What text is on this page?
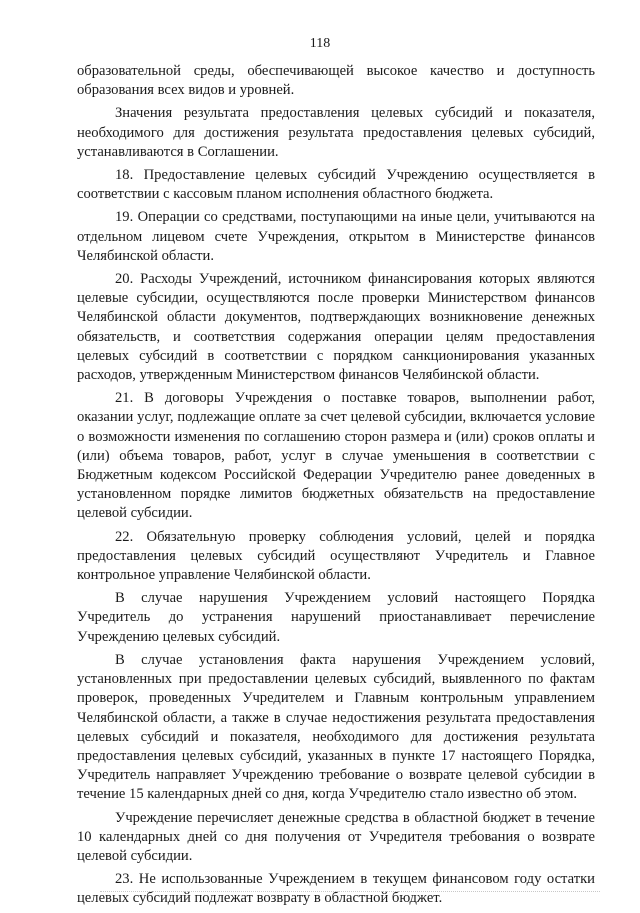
118

образовательной среды, обеспечивающей высокое качество и доступность образования всех видов и уровней.

Значения результата предоставления целевых субсидий и показателя, необходимого для достижения результата предоставления целевых субсидий, устанавливаются в Соглашении.

18. Предоставление целевых субсидий Учреждению осуществляется в соответствии с кассовым планом исполнения областного бюджета.

19. Операции со средствами, поступающими на иные цели, учитываются на отдельном лицевом счете Учреждения, открытом в Министерстве финансов Челябинской области.

20. Расходы Учреждений, источником финансирования которых являются целевые субсидии, осуществляются после проверки Министерством финансов Челябинской области документов, подтверждающих возникновение денежных обязательств, и соответствия содержания операции целям предоставления целевых субсидий в соответствии с порядком санкционирования указанных расходов, утвержденным Министерством финансов Челябинской области.

21. В договоры Учреждения о поставке товаров, выполнении работ, оказании услуг, подлежащие оплате за счет целевой субсидии, включается условие о возможности изменения по соглашению сторон размера и (или) сроков оплаты и (или) объема товаров, работ, услуг в случае уменьшения в соответствии с Бюджетным кодексом Российской Федерации Учредителю ранее доведенных в установленном порядке лимитов бюджетных обязательств на предоставление целевой субсидии.

22. Обязательную проверку соблюдения условий, целей и порядка предоставления целевых субсидий осуществляют Учредитель и Главное контрольное управление Челябинской области.

В случае нарушения Учреждением условий настоящего Порядка Учредитель до устранения нарушений приостанавливает перечисление Учреждению целевых субсидий.

В случае установления факта нарушения Учреждением условий, установленных при предоставлении целевых субсидий, выявленного по фактам проверок, проведенных Учредителем и Главным контрольным управлением Челябинской области, а также в случае недостижения результата предоставления целевых субсидий и показателя, необходимого для достижения результата предоставления целевых субсидий, указанных в пункте 17 настоящего Порядка, Учредитель направляет Учреждению требование о возврате целевой субсидии в течение 15 календарных дней со дня, когда Учредителю стало известно об этом.

Учреждение перечисляет денежные средства в областной бюджет в течение 10 календарных дней со дня получения от Учредителя требования о возврате целевой субсидии.

23. Не использованные Учреждением в текущем финансовом году остатки целевых субсидий подлежат возврату в областной бюджет.
